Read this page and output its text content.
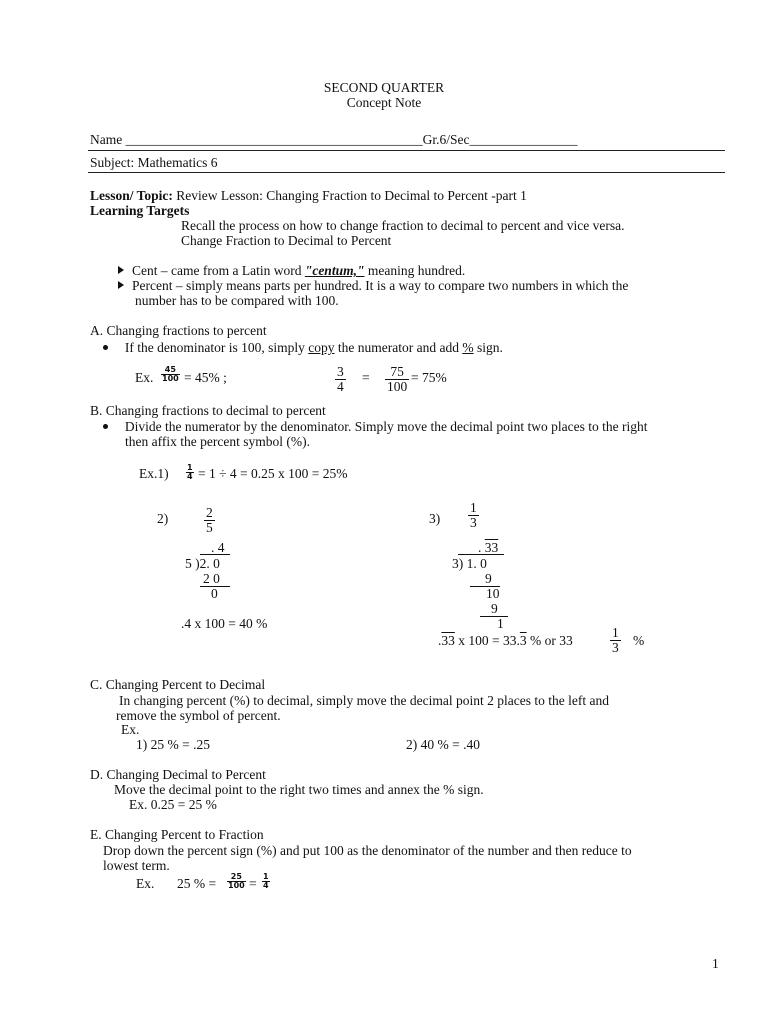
SECOND QUARTER
Concept Note
Name ____________________________________________Gr.6/Sec________________
Subject: Mathematics 6
Lesson/ Topic: Review Lesson: Changing Fraction to Decimal to Percent -part 1
Learning Targets
Recall the process on how to change fraction to decimal to percent and vice versa.
Change Fraction to Decimal to Percent
Cent – came from a Latin word "centum," meaning hundred.
Percent – simply means parts per hundred. It is a way to compare two numbers in which the
number has to be compared with 100.
A. Changing fractions to percent
If the denominator is 100, simply copy the numerator and add % sign.
Ex. $\frac{45}{100} = 45\%$ ;	$\frac{3}{4} = \frac{75}{100} = 75\%$
B. Changing fractions to decimal to percent
Divide the numerator by the denominator. Simply move the decimal point two places to the right
then affix the percent symbol (%).
$Ex.1) \frac{1}{4} = 1 \div 4 = 0.25$ x 100 = 25%
2)	$\frac{2}{5}$
. 4
5 )2. 0
2 0
0
.4 x 100 = 40 %
$3) \frac{1}{3}$
. 33
3) 1. 0
9
10
9
1
.33 x 100 = 33.3 % or 33	$\frac{1}{3}$ %
C. Changing Percent to Decimal
In changing percent (%) to decimal, simply move the decimal point 2 places to the left and
remove the symbol of percent.
Ex.
1) 25 % = .25	2) 40 % = .40
D. Changing Decimal to Percent
Move the decimal point to the right two times and annex the % sign.
Ex. 0.25 = 25 %
E. Changing Percent to Fraction
Drop down the percent sign (%) and put 100 as the denominator of the number and then reduce to
lowest term.
Ex. 25 % = $\frac{25}{100} = \frac{1}{4}$
1
